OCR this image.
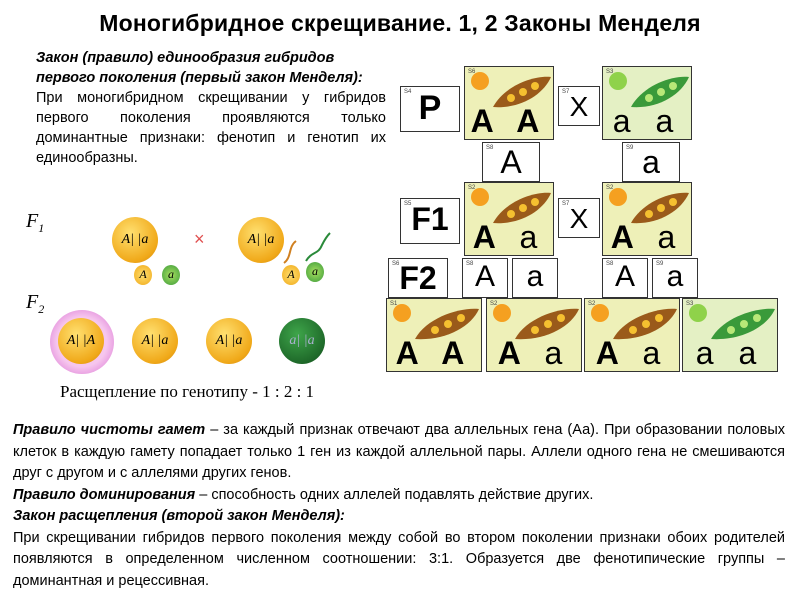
Моногибридное скрещивание. 1, 2 Законы Менделя
Закон (правило) единообразия гибридов первого поколения (первый закон Менделя):
При моногибридном скрещивании у гибридов первого поколения проявляются только доминантные признаки: фенотип и генотип их единообразны.
$F_1$
$F_2$
A| |a	×	A| |a
A	a	A	a
A| |A	A| |a	A| |a	a| |a
Расщепление по генотипу - 1 : 2 : 1
S4 P
S6
A A
S7 X
S3
a a
S8 A	S9 a
S5 F1
S2
A a
S7 X
S2
A a
S6 F2	S8 A	a	S8 A	S9 a
S1
A A
S2
A a
S2
A a
S3
a a
Правило чистоты гамет – за каждый признак отвечают два аллельных гена (Аа). При образовании половых клеток в каждую гамету попадает только 1 ген из каждой аллельной пары. Аллели одного гена не смешиваются друг с другом и с аллелями других генов.
Правило доминирования – способность одних аллелей подавлять действие других.
Закон расщепления (второй закон Менделя):
При скрещивании гибридов первого поколения между собой во втором поколении признаки обоих родителей появляются в определенном численном соотношении: 3:1. Образуется две фенотипические группы – доминантная и рецессивная.
